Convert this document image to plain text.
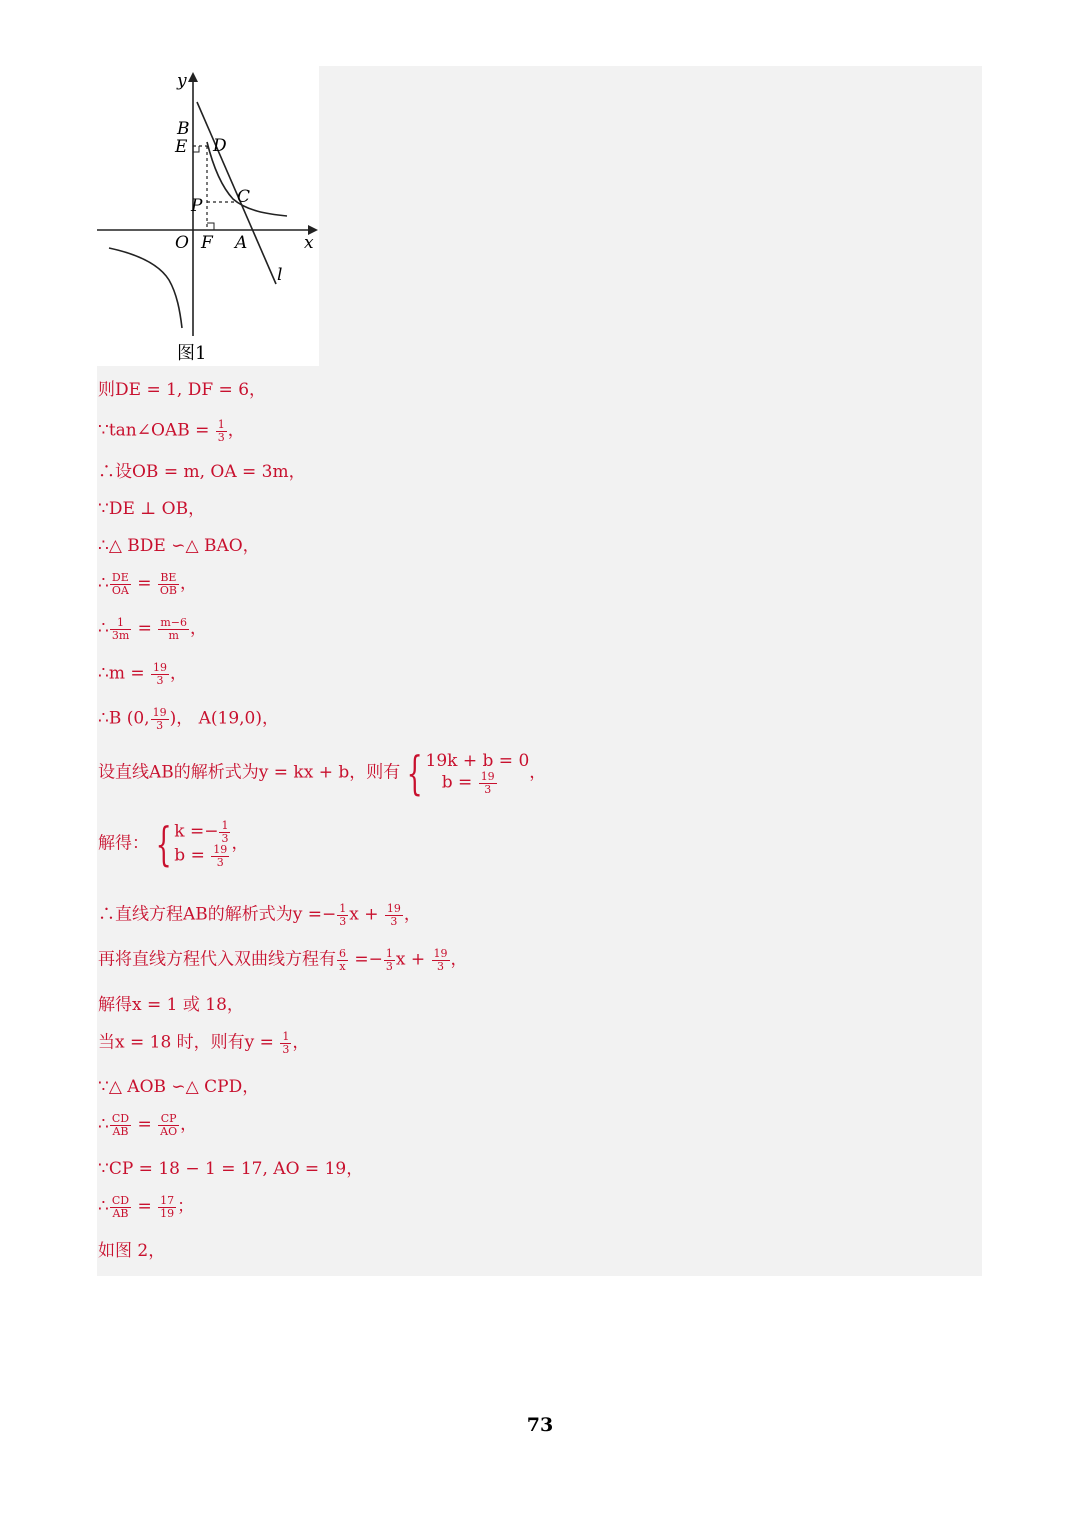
y
B
E D
C
P
O F A	x
l
图1
则DE = 1, DF = 6，
∵tan∠OAB = $\frac{1}{3}$ ，
∴设OB = m, OA = 3m，
∵DE ⊥ OB，
∴△ BDE ∽△ BAO，
∴ $\frac{DE}{OA} = \frac{BE}{OB}$ ，
∴ $\frac{1}{3m} = \frac{m-6}{m}$ ，
∴m = $\frac{19}{3}$ ，
∴B (0, $\frac{19}{3}$ )， A(19,0)，
设直线AB的解析式为y = kx + b，则有 { 19k + b = 0
$b = \frac{19}{3}$ ，
解得： { $k =- \frac{1}{3}$
$b = \frac{19}{3}$
，
∴直线方程AB的解析式为$y =- \frac{1}{3}$ $x + \frac{19}{3}$ ，
再将直线方程代入双曲线方程有 $\frac{6}{x} =- \frac{1}{3}$ $x + \frac{19}{3}$ ，
解得x = 1 或 18，
当x = 18 时，则有$y = \frac{1}{3}$ ，
∵△ AOB ∽△ CPD，
∴ $\frac{CD}{AB} = \frac{CP}{AO}$ ，
∵CP = 18 − 1 = 17, AO = 19，
∴ $\frac{CD}{AB} = \frac{17}{19}$ ；
如图 2，
73
